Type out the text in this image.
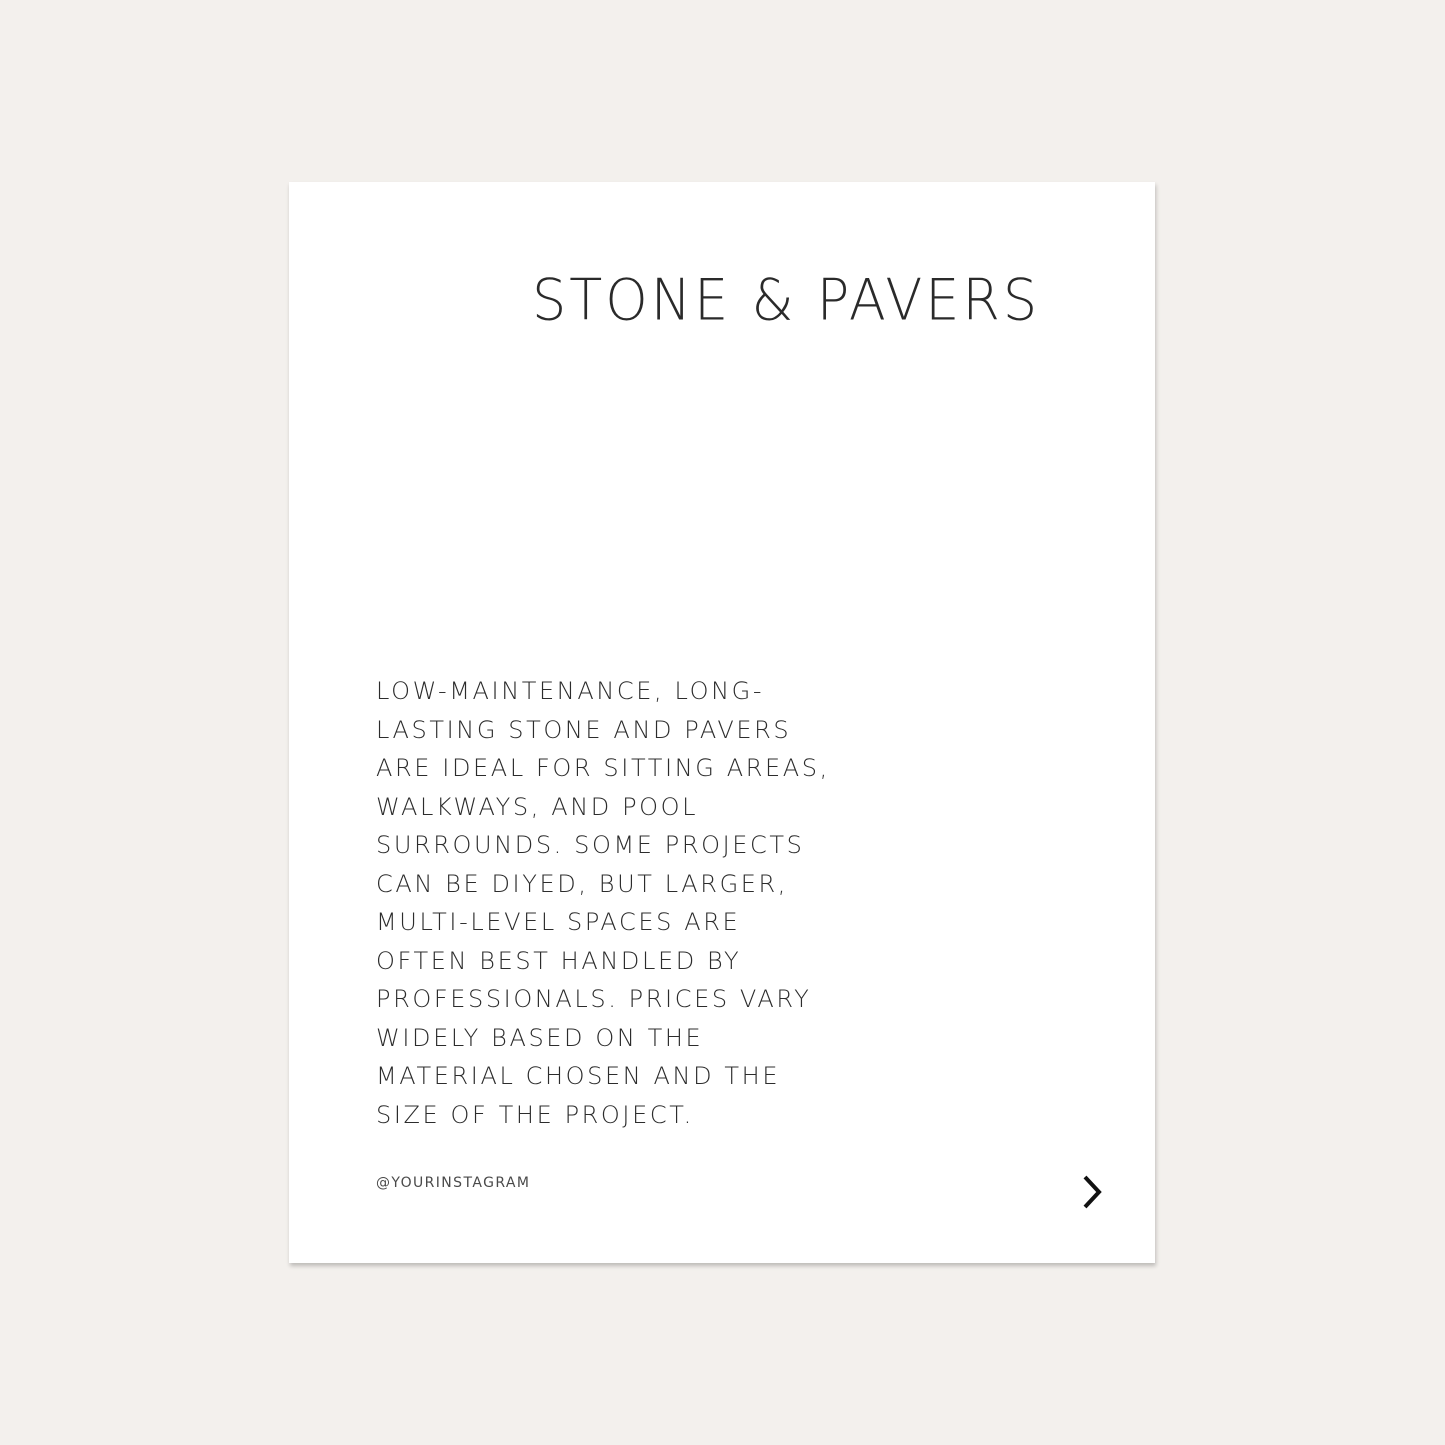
STONE & PAVERS
LOW-MAINTENANCE, LONG-
LASTING STONE AND PAVERS
ARE IDEAL FOR SITTING AREAS,
WALKWAYS, AND POOL
SURROUNDS. SOME PROJECTS
CAN BE DIYED, BUT LARGER,
MULTI-LEVEL SPACES ARE
OFTEN BEST HANDLED BY
PROFESSIONALS. PRICES VARY
WIDELY BASED ON THE
MATERIAL CHOSEN AND THE
SIZE OF THE PROJECT.
@YOURINSTAGRAM
